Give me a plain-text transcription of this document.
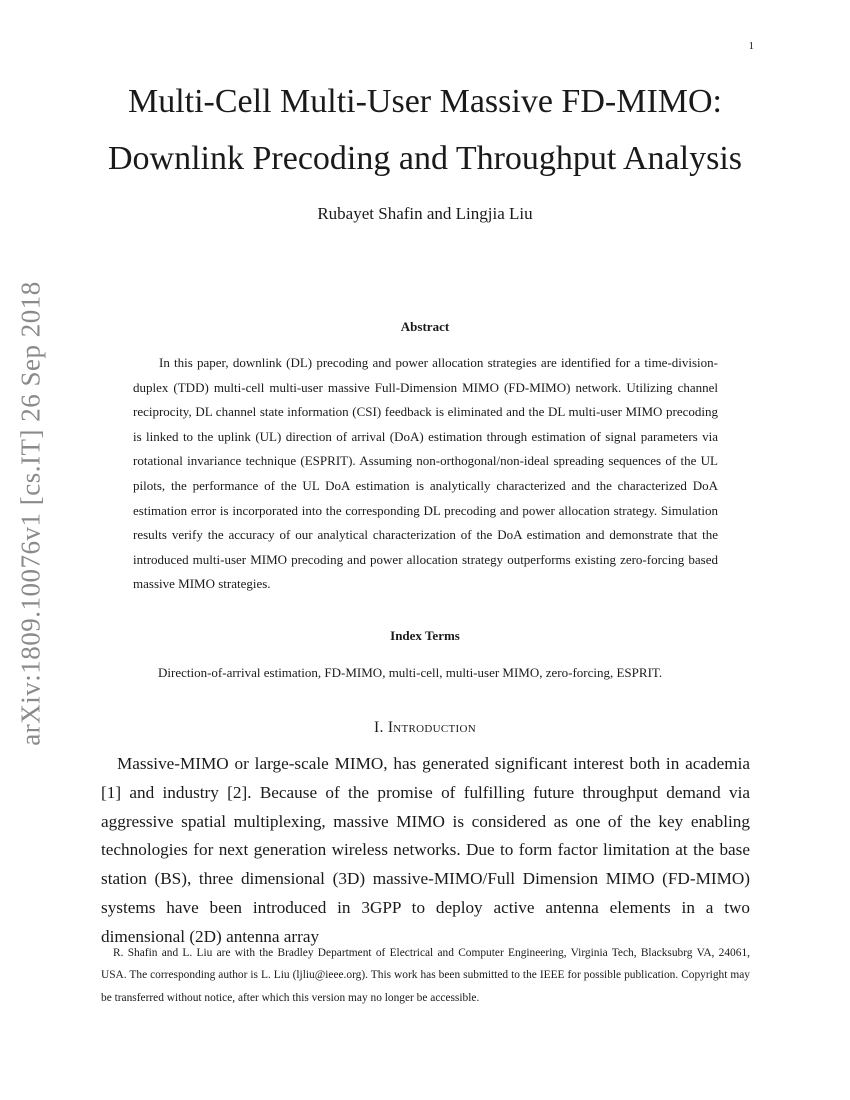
1
arXiv:1809.10076v1 [cs.IT] 26 Sep 2018
Multi-Cell Multi-User Massive FD-MIMO:
Downlink Precoding and Throughput Analysis
Rubayet Shafin and Lingjia Liu
Abstract

In this paper, downlink (DL) precoding and power allocation strategies are identified for a time-division-duplex (TDD) multi-cell multi-user massive Full-Dimension MIMO (FD-MIMO) network. Utilizing channel reciprocity, DL channel state information (CSI) feedback is eliminated and the DL multi-user MIMO precoding is linked to the uplink (UL) direction of arrival (DoA) estimation through estimation of signal parameters via rotational invariance technique (ESPRIT). Assuming non-orthogonal/non-ideal spreading sequences of the UL pilots, the performance of the UL DoA estimation is analytically characterized and the characterized DoA estimation error is incorporated into the corresponding DL precoding and power allocation strategy. Simulation results verify the accuracy of our analytical characterization of the DoA estimation and demonstrate that the introduced multi-user MIMO precoding and power allocation strategy outperforms existing zero-forcing based massive MIMO strategies.

Index Terms
Direction-of-arrival estimation, FD-MIMO, multi-cell, multi-user MIMO, zero-forcing, ESPRIT.
I. Introduction

Massive-MIMO or large-scale MIMO, has generated significant interest both in academia [1] and industry [2]. Because of the promise of fulfilling future throughput demand via aggressive spatial multiplexing, massive MIMO is considered as one of the key enabling technologies for next generation wireless networks. Due to form factor limitation at the base station (BS), three dimensional (3D) massive-MIMO/Full Dimension MIMO (FD-MIMO) systems have been introduced in 3GPP to deploy active antenna elements in a two dimensional (2D) antenna array

R. Shafin and L. Liu are with the Bradley Department of Electrical and Computer Engineering, Virginia Tech, Blacksubrg VA, 24061, USA. The corresponding author is L. Liu (ljliu@ieee.org). This work has been submitted to the IEEE for possible publication. Copyright may be transferred without notice, after which this version may no longer be accessible.
